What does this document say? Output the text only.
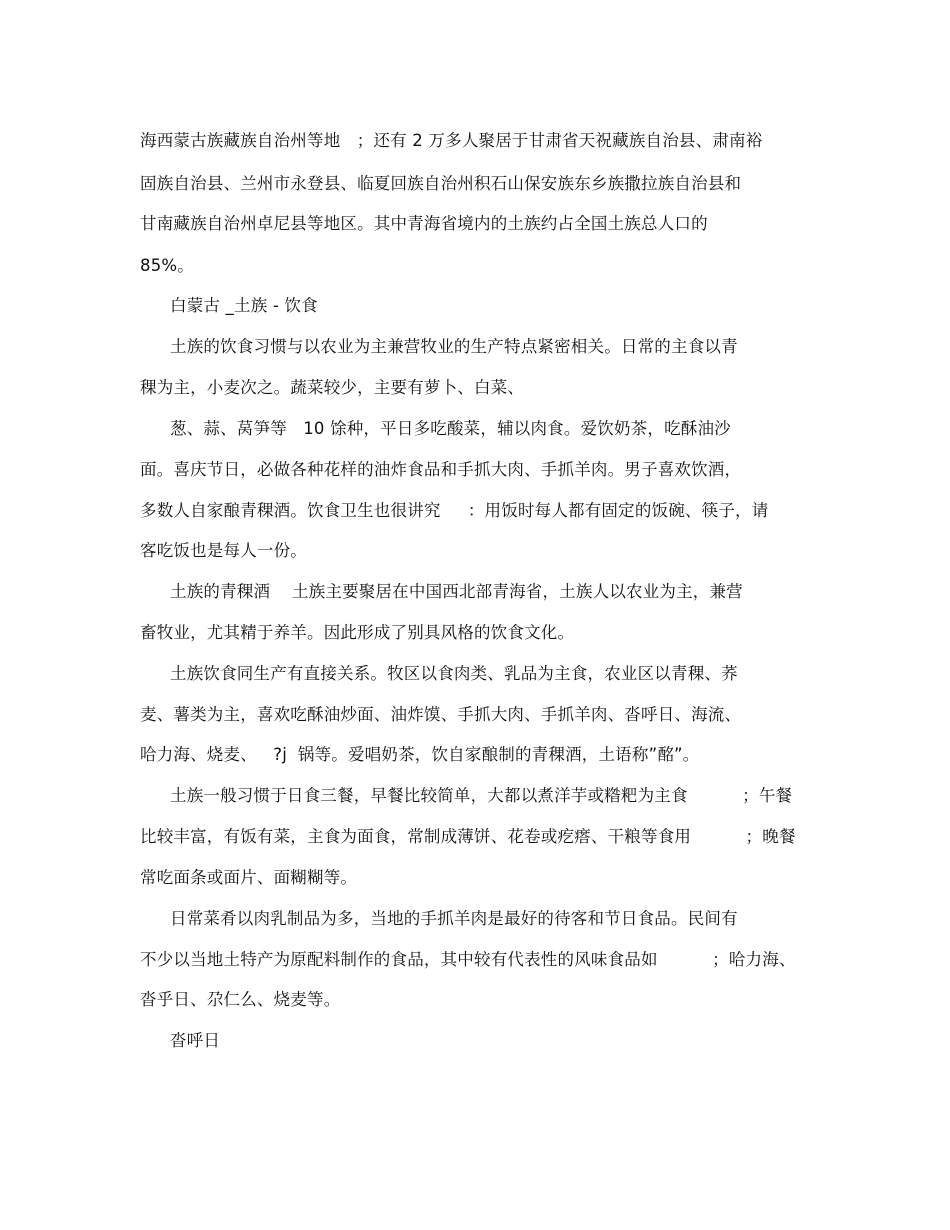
海西蒙古族藏族自治州等地   ；还有 2 万多人聚居于甘肃省天祝藏族自治县、肃南裕
固族自治县、兰州市永登县、临夏回族自治州积石山保安族东乡族撒拉族自治县和
甘南藏族自治州卓尼县等地区。其中青海省境内的土族约占全国土族总人口的
85%。
白蒙古 _土族 - 饮食
土族的饮食习惯与以农业为主兼营牧业的生产特点紧密相关。日常的主食以青
稞为主，小麦次之。蔬菜较少，主要有萝卜、白菜、
葱、蒜、莴笋等   10 馀种，平日多吃酸菜，辅以肉食。爱饮奶茶，吃酥油沙
面。喜庆节日，必做各种花样的油炸食品和手抓大肉、手抓羊肉。男子喜欢饮酒，
多数人自家酿青稞酒。饮食卫生也很讲究     ：用饭时每人都有固定的饭碗、筷子，请
客吃饭也是每人一份。
土族的青稞酒    土族主要聚居在中国西北部青海省，土族人以农业为主，兼营
畜牧业，尤其精于养羊。因此形成了别具风格的饮食文化。
土族饮食同生产有直接关系。牧区以食肉类、乳品为主食，农业区以青稞、荞
麦、薯类为主，喜欢吃酥油炒面、油炸馍、手抓大肉、手抓羊肉、沓呼日、海流、
哈力海、烧麦、   ?j  锅等。爱唱奶茶，饮自家酿制的青稞酒，土语称”酩”。
土族一般习惯于日食三餐，早餐比较简单，大都以煮洋芋或糌粑为主食          ；午餐
比较丰富，有饭有菜，主食为面食，常制成薄饼、花卷或疙瘩、干粮等食用          ；晚餐
常吃面条或面片、面糊糊等。
日常菜肴以肉乳制品为多，当地的手抓羊肉是最好的待客和节日食品。民间有
不少以当地土特产为原配料制作的食品，其中较有代表性的风味食品如          ；哈力海、
沓乎日、尕仁么、烧麦等。
沓呼日
